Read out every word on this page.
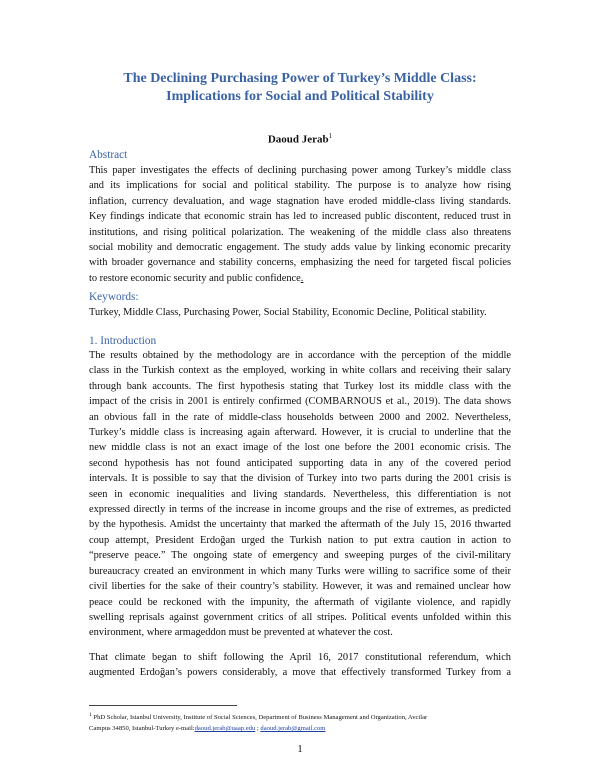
The Declining Purchasing Power of Turkey’s Middle Class:
Implications for Social and Political Stability
Daoud Jerab$^1$
Abstract
This paper investigates the effects of declining purchasing power among Turkey’s middle class
and its implications for social and political stability. The purpose is to analyze how rising
inflation, currency devaluation, and wage stagnation have eroded middle-class living standards.
Key findings indicate that economic strain has led to increased public discontent, reduced trust in
institutions, and rising political polarization. The weakening of the middle class also threatens
social mobility and democratic engagement. The study adds value by linking economic precarity
with broader governance and stability concerns, emphasizing the need for targeted fiscal policies
to restore economic security and public confidence.
Keywords:
Turkey, Middle Class, Purchasing Power, Social Stability, Economic Decline, Political stability.
1. Introduction
The results obtained by the methodology are in accordance with the perception of the middle
class in the Turkish context as the employed, working in white collars and receiving their salary
through bank accounts. The first hypothesis stating that Turkey lost its middle class with the
impact of the crisis in 2001 is entirely confirmed (COMBARNOUS et al., 2019). The data shows
an obvious fall in the rate of middle-class households between 2000 and 2002. Nevertheless,
Turkey’s middle class is increasing again afterward. However, it is crucial to underline that the
new middle class is not an exact image of the lost one before the 2001 economic crisis. The
second hypothesis has not found anticipated supporting data in any of the covered period
intervals. It is possible to say that the division of Turkey into two parts during the 2001 crisis is
seen in economic inequalities and living standards. Nevertheless, this differentiation is not
expressed directly in terms of the increase in income groups and the rise of extremes, as predicted
by the hypothesis. Amidst the uncertainty that marked the aftermath of the July 15, 2016 thwarted
coup attempt, President Erdoğan urged the Turkish nation to put extra caution in action to
“preserve peace.” The ongoing state of emergency and sweeping purges of the civil-military
bureaucracy created an environment in which many Turks were willing to sacrifice some of their
civil liberties for the sake of their country’s stability. However, it was and remained unclear how
peace could be reckoned with the impunity, the aftermath of vigilante violence, and rapidly
swelling reprisals against government critics of all stripes. Political events unfolded within this
environment, where armageddon must be prevented at whatever the cost.
That climate began to shift following the April 16, 2017 constitutional referendum, which
augmented Erdoğan’s powers considerably, a move that effectively transformed Turkey from a
$^1$ PhD Scholar, Istanbul University, Institute of Social Sciences, Department of Business Management and Organization, Avcilar
Campus 34850, Istanbul-Turkey e-mail:daoud.jerab@uaap.edu ; daoud.jerab@gmail.com
1
